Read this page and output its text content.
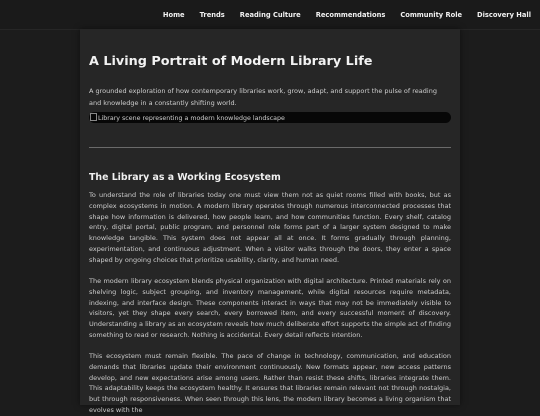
Home Trends Reading Culture Recommendations Community Role Discovery Hall
A Living Portrait of Modern Library Life

A grounded exploration of how contemporary libraries work, grow, adapt, and support the pulse of reading and knowledge in a constantly shifting world.

Library scene representing a modern knowledge landscape
The Library as a Working Ecosystem

To understand the role of libraries today one must view them not as quiet rooms filled with books, but as complex ecosystems in motion. A modern library operates through numerous interconnected processes that shape how information is delivered, how people learn, and how communities function. Every shelf, catalog entry, digital portal, public program, and personnel role forms part of a larger system designed to make knowledge tangible. This system does not appear all at once. It forms gradually through planning, experimentation, and continuous adjustment. When a visitor walks through the doors, they enter a space shaped by ongoing choices that prioritize usability, clarity, and human need.

The modern library ecosystem blends physical organization with digital architecture. Printed materials rely on shelving logic, subject grouping, and inventory management, while digital resources require metadata, indexing, and interface design. These components interact in ways that may not be immediately visible to visitors, yet they shape every search, every borrowed item, and every successful moment of discovery. Understanding a library as an ecosystem reveals how much deliberate effort supports the simple act of finding something to read or research. Nothing is accidental. Every detail reflects intention.

This ecosystem must remain flexible. The pace of change in technology, communication, and education demands that libraries update their environment continuously. New formats appear, new access patterns develop, and new expectations arise among users. Rather than resist these shifts, libraries integrate them. This adaptability keeps the ecosystem healthy. It ensures that libraries remain relevant not through nostalgia, but through responsiveness. When seen through this lens, the modern library becomes a living organism that evolves with the
